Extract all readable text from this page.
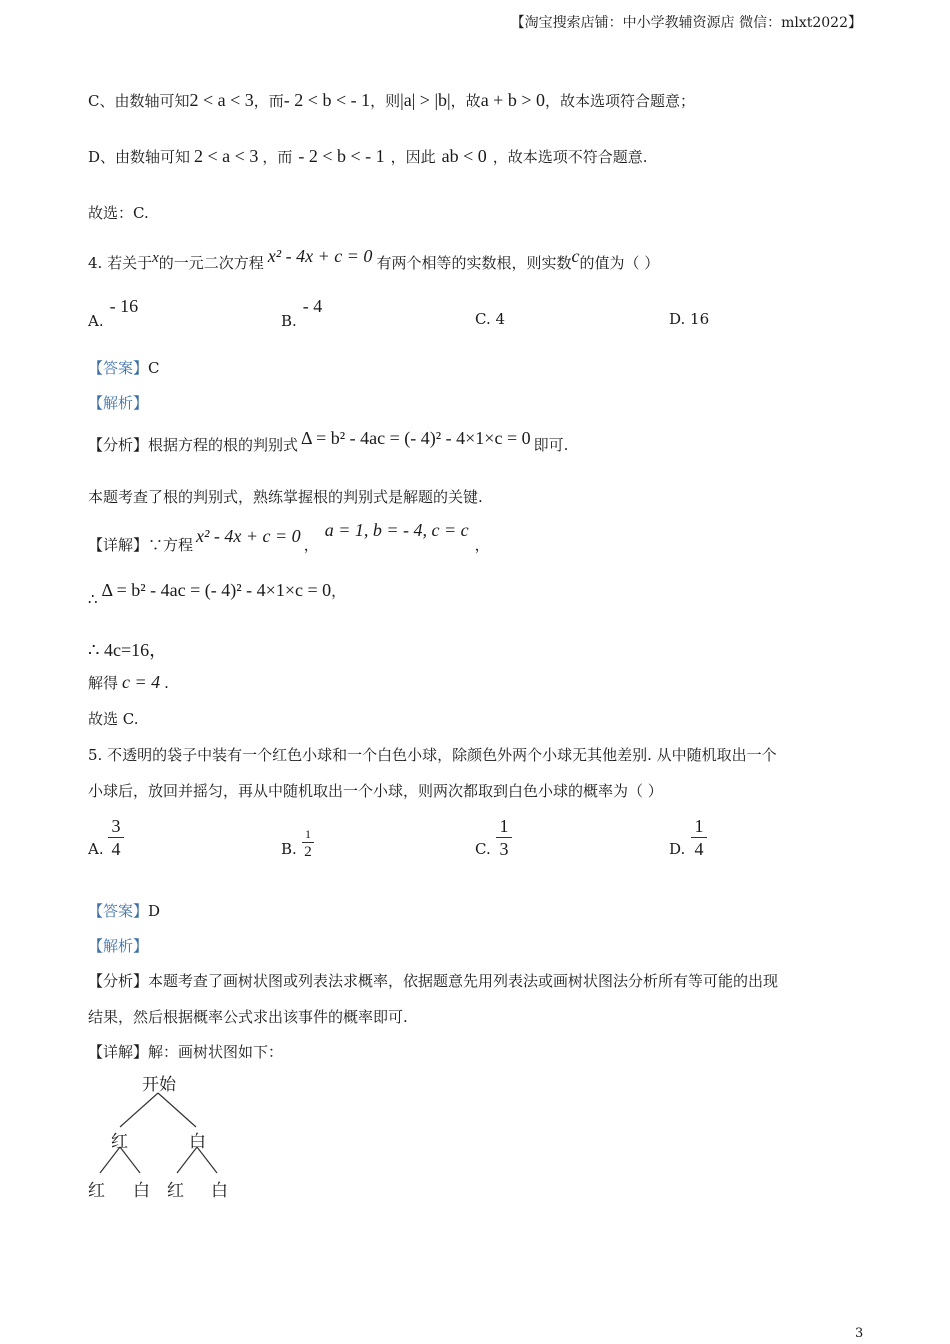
【淘宝搜索店铺：中小学教辅资源店 微信：mlxt2022】
C、由数轴可知2 < a < 3，而- 2 < b < - 1，则|a| > |b|，故a + b > 0，故本选项符合题意；
D、由数轴可知 2 < a < 3 ，而 - 2 < b < - 1 ，因此 ab < 0 ，故本选项不符合题意.
故选：C.
4. 若关于x的一元二次方程 x² - 4x + c = 0 有两个相等的实数根，则实数c的值为（ ）
A.- 16
B.- 4
C. 4	D. 16
【答案】C
【解析】
【分析】根据方程的根的判别式 Δ = b² - 4ac = (- 4)² - 4×1×c = 0 即可.
本题考查了根的判别式，熟练掌握根的判别式是解题的关键.
【详解】∵方程 x² - 4x + c = 0 ，a = 1, b = - 4, c = c，
∴ Δ = b² - 4ac = (- 4)² - 4×1×c = 0，
∴ 4c=16，
解得 c = 4 .
故选 C.
5. 不透明的袋子中装有一个红色小球和一个白色小球，除颜色外两个小球无其他差别. 从中随机取出一个
小球后，放回并摇匀，再从中随机取出一个小球，则两次都取到白色小球的概率为（ ）
A.
3
4	B.
1
2	C.
1
3	D.
1
4
【答案】D
【解析】
【分析】本题考查了画树状图或列表法求概率，依据题意先用列表法或画树状图法分析所有等可能的出现
结果，然后根据概率公式求出该事件的概率即可.
【详解】解：画树状图如下：
开始
红	白
红 白 红 白
3
